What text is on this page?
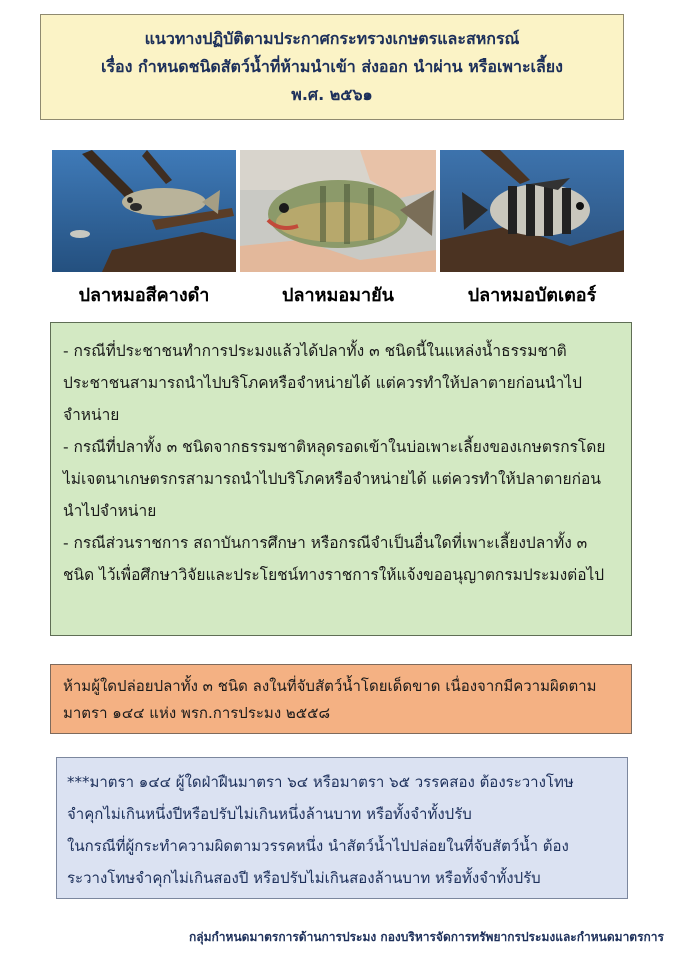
แนวทางปฏิบัติตามประกาศกระทรวงเกษตรและสหกรณ์
เรื่อง กำหนดชนิดสัตว์น้ำที่ห้ามนำเข้า ส่งออก นำผ่าน หรือเพาะเลี้ยง
พ.ศ. ๒๕๖๑
ปลาหมอสีคางดำ	ปลาหมอมายัน	ปลาหมอบัตเตอร์

- กรณีที่ประชาชนทำการประมงแล้วได้ปลาทั้ง ๓ ชนิดนี้ในแหล่งน้ำธรรมชาติ

ประชาชนสามารถนำไปบริโภคหรือจำหน่ายได้ แต่ควรทำให้ปลาตายก่อนนำไป

จำหน่าย

- กรณีที่ปลาทั้ง ๓ ชนิดจากธรรมชาติหลุดรอดเข้าในบ่อเพาะเลี้ยงของเกษตรกรโดย

ไม่เจตนาเกษตรกรสามารถนำไปบริโภคหรือจำหน่ายได้ แต่ควรทำให้ปลาตายก่อน

นำไปจำหน่าย

- กรณีส่วนราชการ สถาบันการศึกษา หรือกรณีจำเป็นอื่นใดที่เพาะเลี้ยงปลาทั้ง ๓

ชนิด ไว้เพื่อศึกษาวิจัยและประโยชน์ทางราชการให้แจ้งขออนุญาตกรมประมงต่อไป

ห้ามผู้ใดปล่อยปลาทั้ง ๓ ชนิด ลงในที่จับสัตว์น้ำโดยเด็ดขาด เนื่องจากมีความผิดตาม

มาตรา ๑๔๔ แห่ง พรก.การประมง ๒๕๕๘

***มาตรา ๑๔๔ ผู้ใดฝ่าฝืนมาตรา ๖๔ หรือมาตรา ๖๕ วรรคสอง ต้องระวางโทษ

จำคุกไม่เกินหนึ่งปีหรือปรับไม่เกินหนึ่งล้านบาท หรือทั้งจำทั้งปรับ

ในกรณีที่ผู้กระทำความผิดตามวรรคหนึ่ง นำสัตว์น้ำไปปล่อยในที่จับสัตว์น้ำ ต้อง

ระวางโทษจำคุกไม่เกินสองปี หรือปรับไม่เกินสองล้านบาท หรือทั้งจำทั้งปรับ

กลุ่มกำหนดมาตรการด้านการประมง กองบริหารจัดการทรัพยากรประมงและกำหนดมาตรการ
